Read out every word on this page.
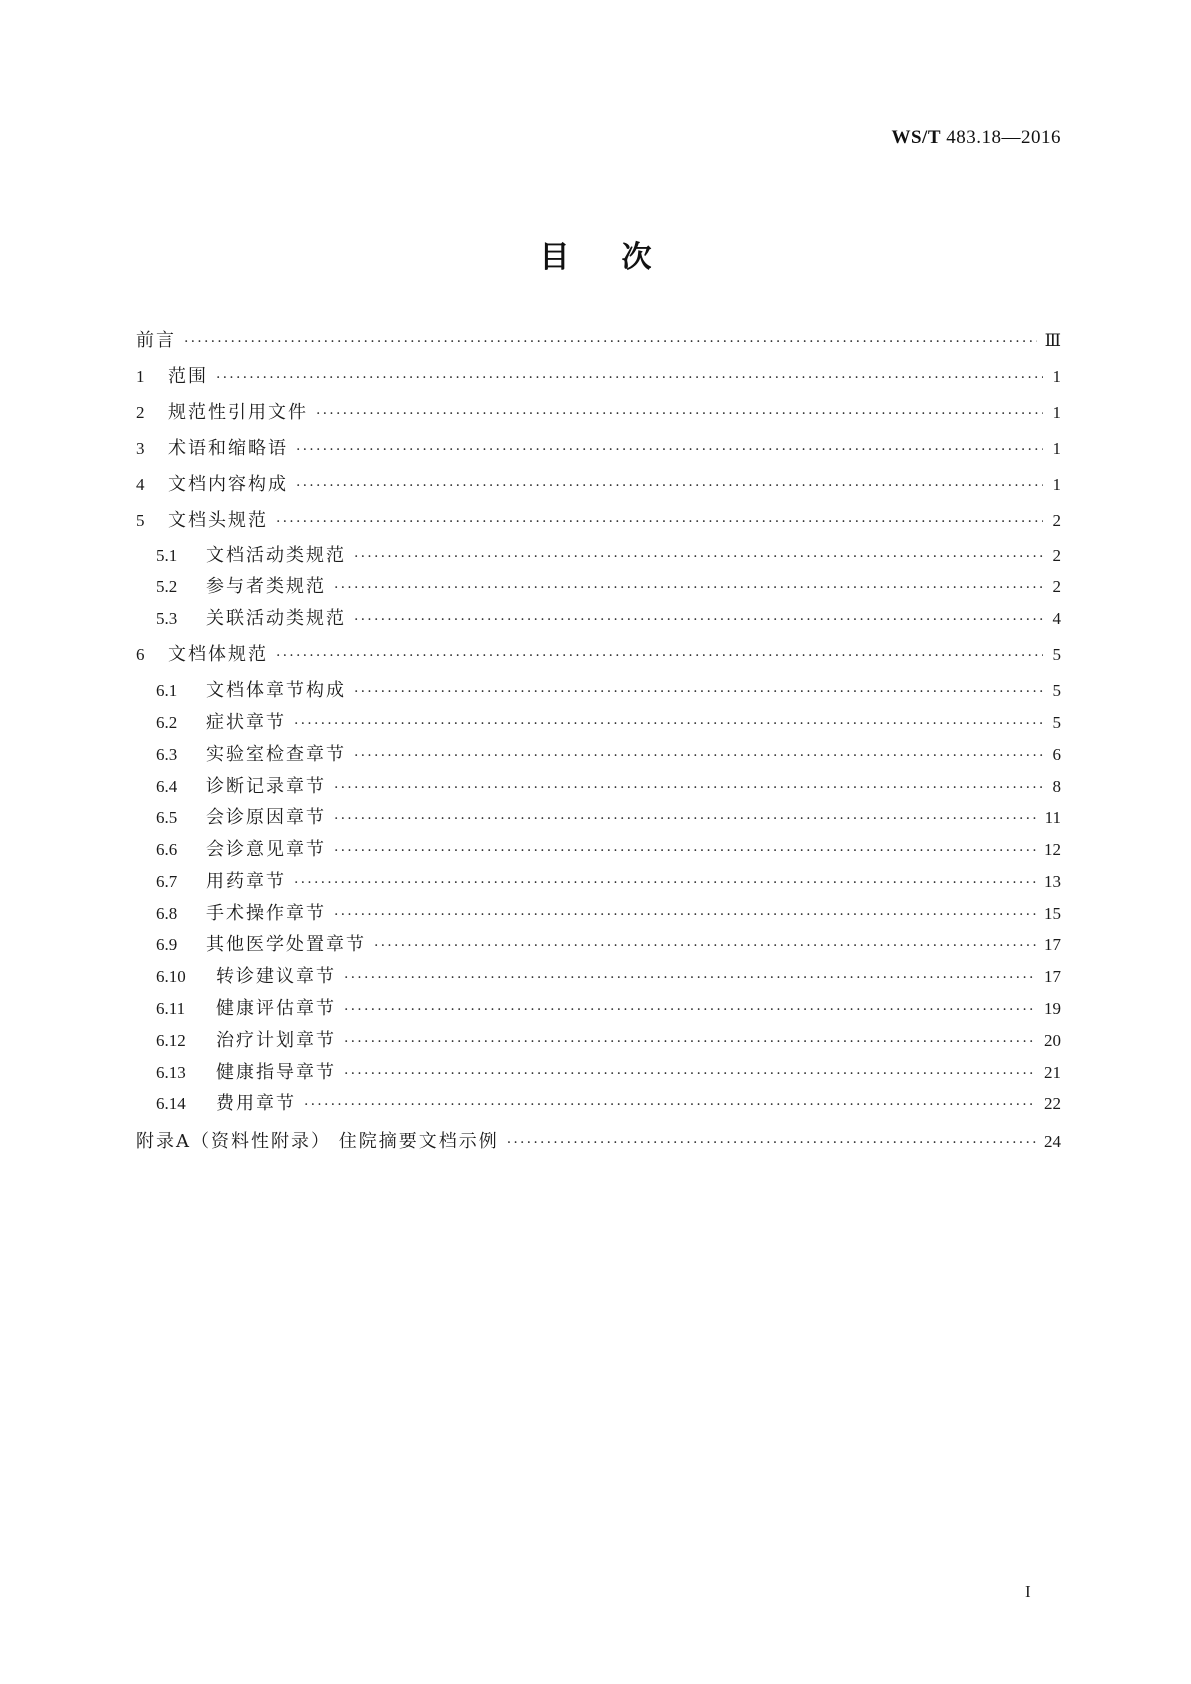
WS/T 483.18—2016
目次
前言 ·····	Ⅲ
1	范围 ·····	1
2	规范性引用文件 ·····	1
3	术语和缩略语 ·····	1
4	文档内容构成 ·····	1
5	文档头规范 ·····	2
5.1	文档活动类规范 ·····	2
5.2	参与者类规范 ·····	2
5.3	关联活动类规范 ·····	4
6	文档体规范 ·····	5
6.1	文档体章节构成 ·····	5
6.2	症状章节 ·····	5
6.3	实验室检查章节 ·····	6
6.4	诊断记录章节 ·····	8
6.5	会诊原因章节 ·····	11
6.6	会诊意见章节 ·····	12
6.7	用药章节 ·····	13
6.8	手术操作章节 ·····	15
6.9	其他医学处置章节 ·····	17
6.10	转诊建议章节 ·····	17
6.11	健康评估章节 ·····	19
6.12	治疗计划章节 ·····	20
6.13	健康指导章节 ·····	21
6.14	费用章节 ·····	22
附录A（资料性附录） 住院摘要文档示例 ·····	24
I
